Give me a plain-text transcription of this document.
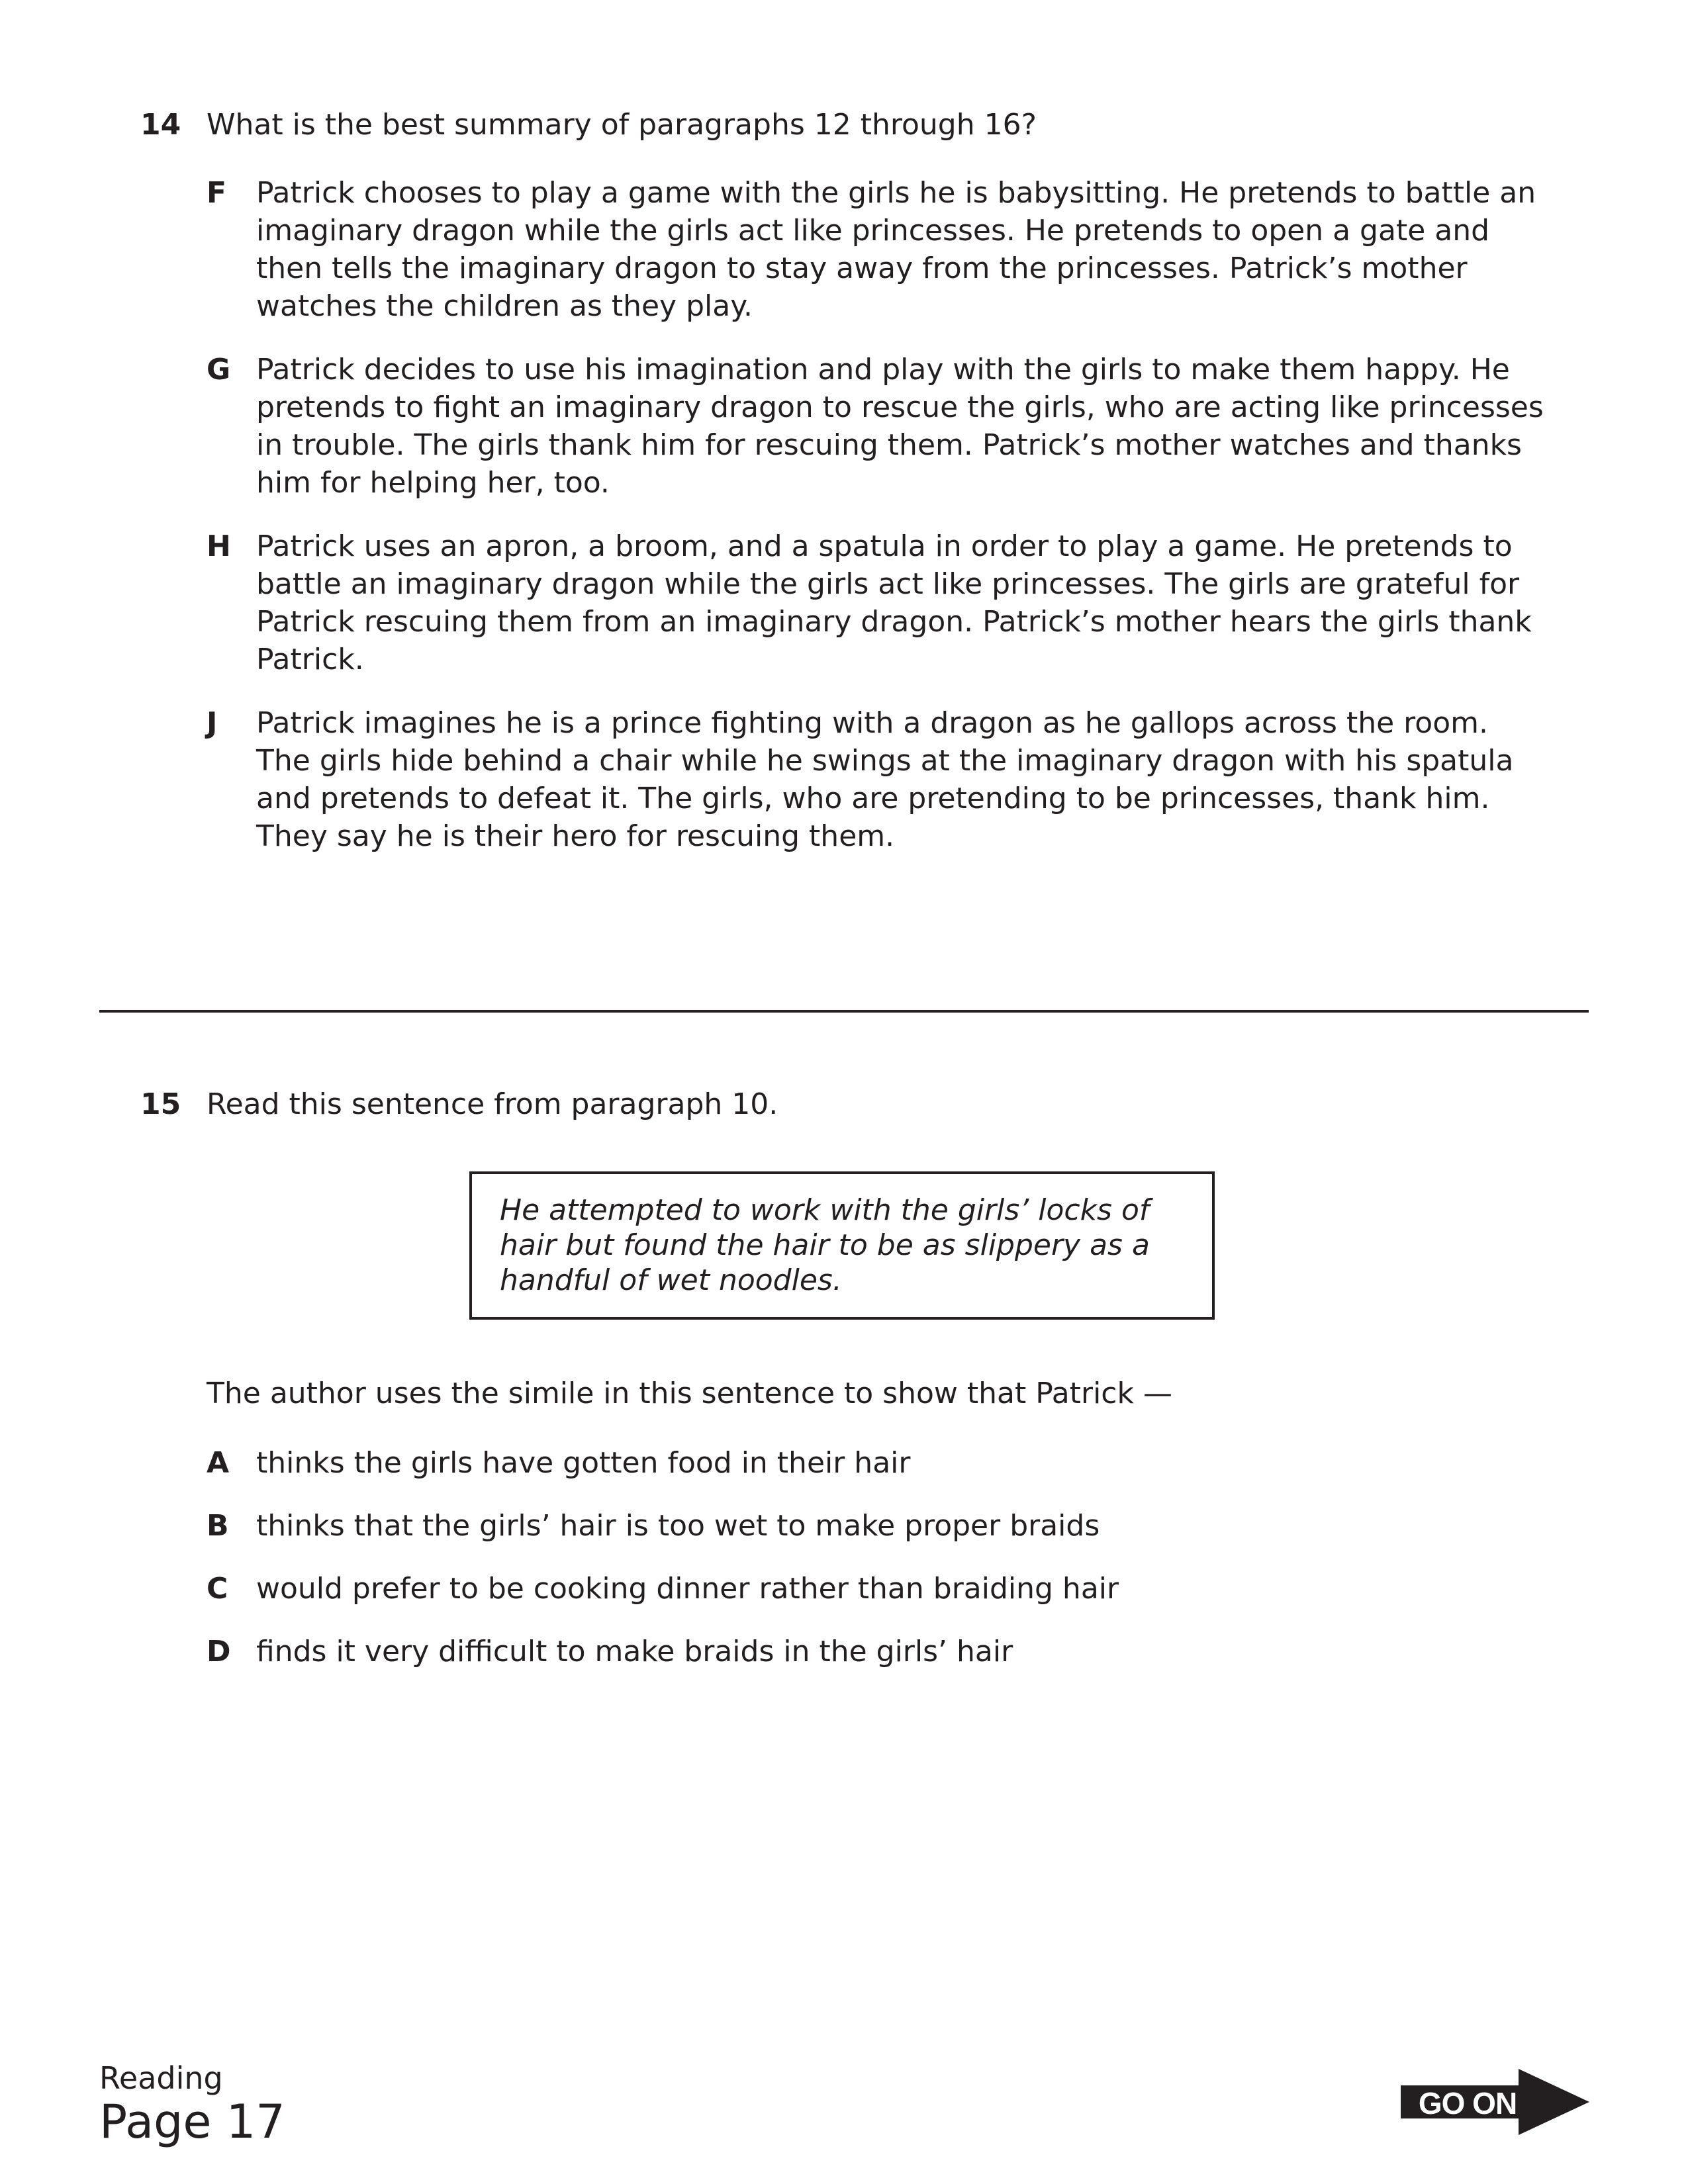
14 What is the best summary of paragraphs 12 through 16?
F Patrick chooses to play a game with the girls he is babysitting. He pretends to battle an imaginary dragon while the girls act like princesses. He pretends to open a gate and then tells the imaginary dragon to stay away from the princesses. Patrick’s mother watches the children as they play.
G Patrick decides to use his imagination and play with the girls to make them happy. He pretends to fight an imaginary dragon to rescue the girls, who are acting like princesses in trouble. The girls thank him for rescuing them. Patrick’s mother watches and thanks him for helping her, too.
H Patrick uses an apron, a broom, and a spatula in order to play a game. He pretends to battle an imaginary dragon while the girls act like princesses. The girls are grateful for Patrick rescuing them from an imaginary dragon. Patrick’s mother hears the girls thank Patrick.
J Patrick imagines he is a prince fighting with a dragon as he gallops across the room. The girls hide behind a chair while he swings at the imaginary dragon with his spatula and pretends to defeat it. The girls, who are pretending to be princesses, thank him. They say he is their hero for rescuing them.
15 Read this sentence from paragraph 10.
He attempted to work with the girls’ locks of hair but found the hair to be as slippery as a handful of wet noodles.
The author uses the simile in this sentence to show that Patrick —
A thinks the girls have gotten food in their hair
B thinks that the girls’ hair is too wet to make proper braids
C would prefer to be cooking dinner rather than braiding hair
D finds it very difficult to make braids in the girls’ hair
Reading
Page 17	GO ON
